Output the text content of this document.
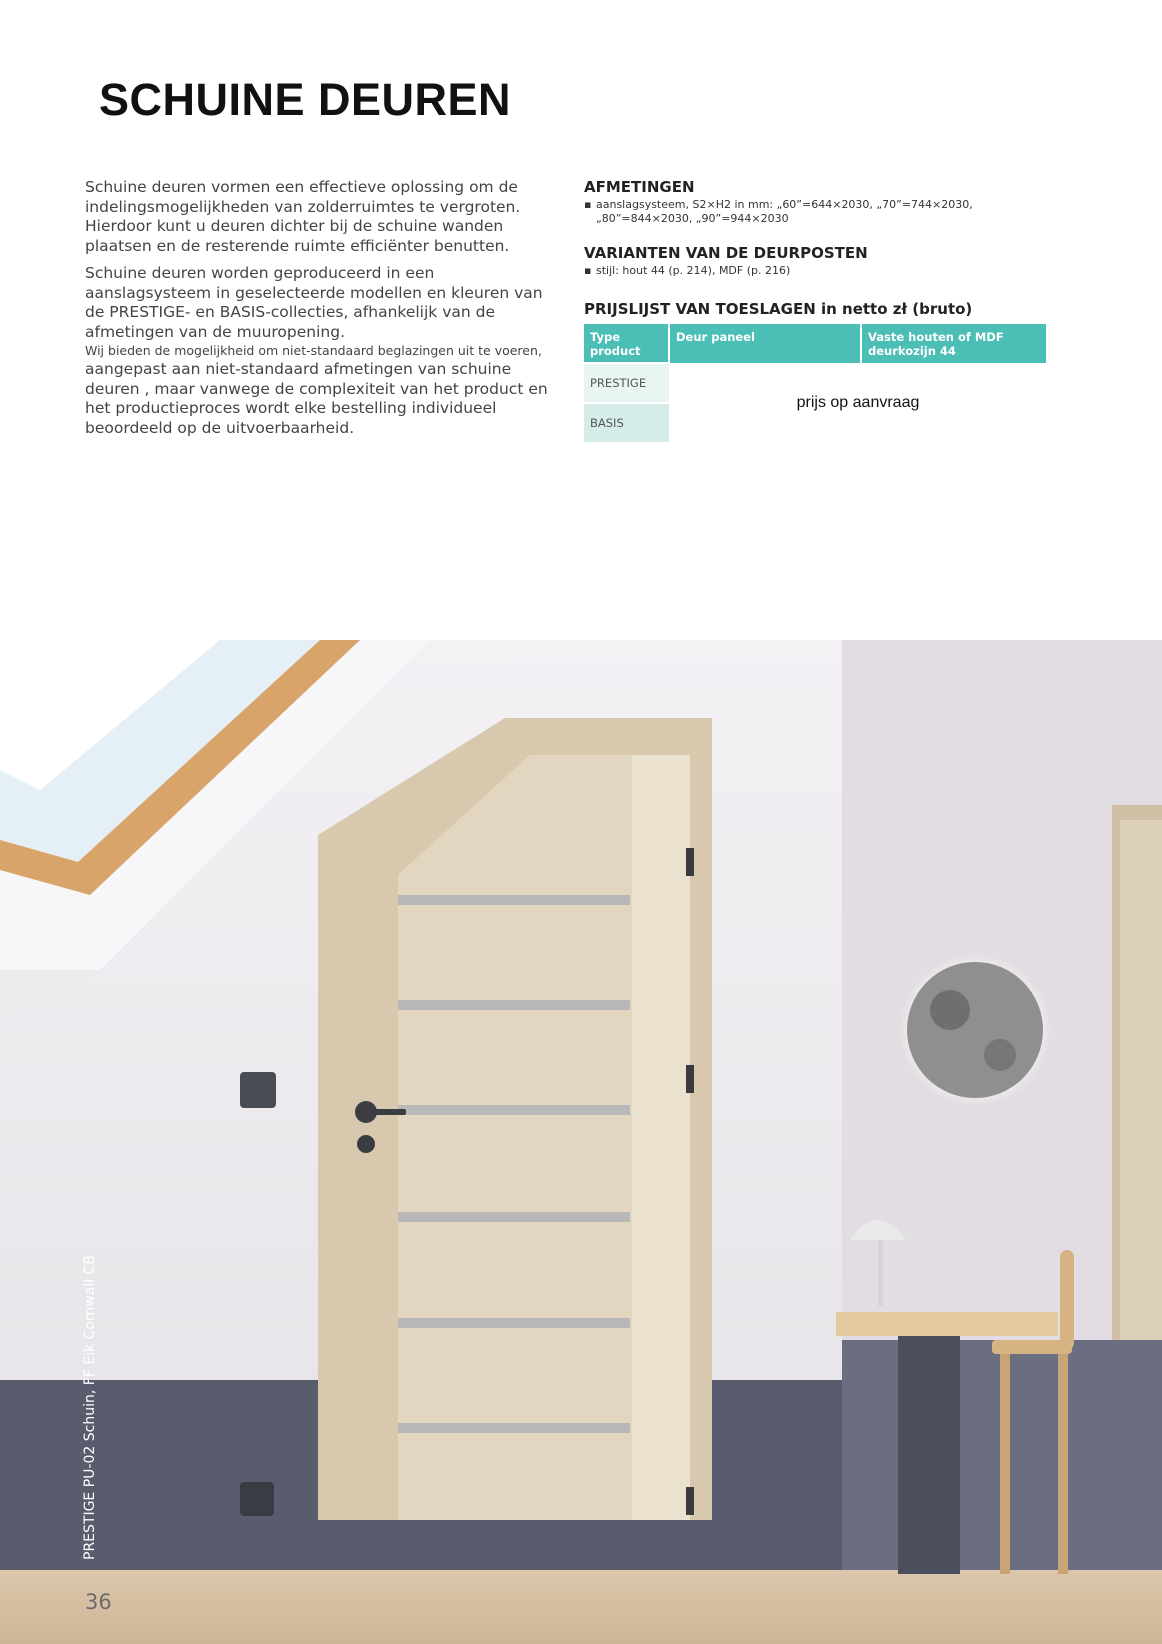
SCHUINE DEUREN

Schuine deuren vormen een effectieve oplossing om de indelingsmogelijkheden van zolderruimtes te vergroten. Hierdoor kunt u deuren dichter bij de schuine wanden plaatsen en de resterende ruimte efficiënter benutten.

Schuine deuren worden geproduceerd in een aanslagsysteem in geselecteerde modellen en kleuren van de PRESTIGE- en BASIS-collecties, afhankelijk van de afmetingen van de muuropening.
Wij bieden de mogelijkheid om niet-standaard beglazingen uit te voeren,
aangepast aan niet-standaard afmetingen van schuine deuren , maar vanwege de complexiteit van het product en het productieproces wordt elke bestelling individueel beoordeeld op de uitvoerbaarheid.

AFMETINGEN
▪ aanslagsysteem, S2×H2 in mm: „60”=644×2030, „70”=744×2030, „80”=844×2030, „90”=944×2030
VARIANTEN VAN DE DEURPOSTEN
▪ stijl: hout 44 (p. 214), MDF (p. 216)
PRIJSLIJST VAN TOESLAGEN in netto zł (bruto)
Type product	Deur paneel	Vaste houten of MDF deurkozijn 44
PRESTIGE	prijs op aanvraag	
BASIS		
PRESTIGE PU-02 Schuin, FF Eik Cornwall CB
36
